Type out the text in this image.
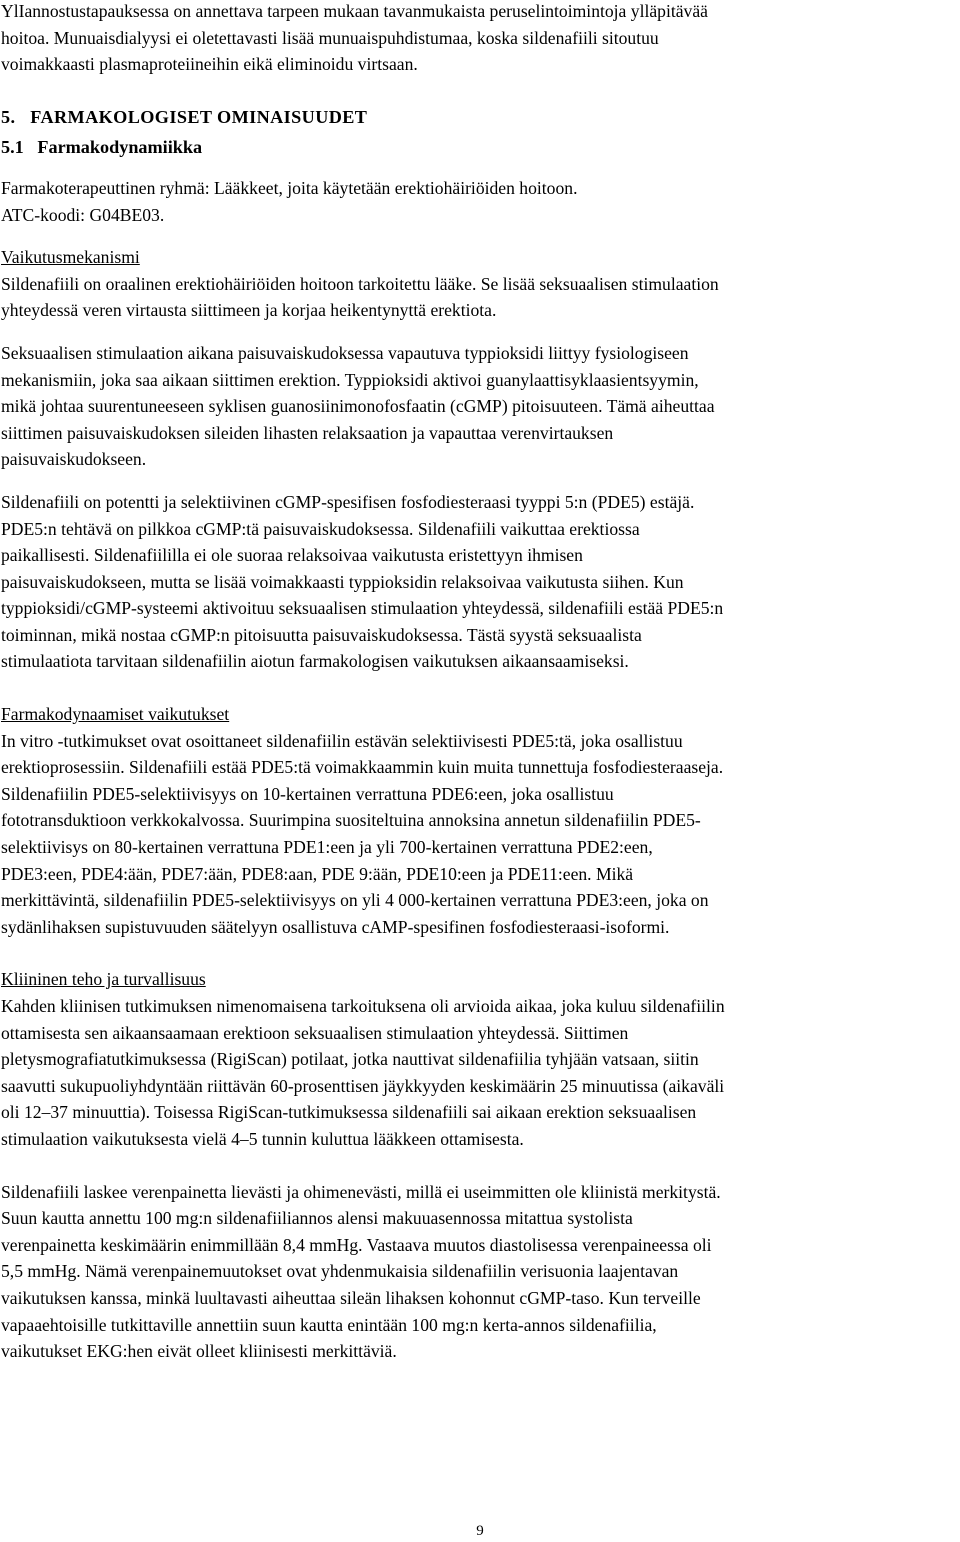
YlIannostustapauksessa on annettava tarpeen mukaan tavanmukaista peruselintoimintoja ylläpitävää

hoitoa. Munuaisdialyysi ei oletettavasti lisää munuaispuhdistumaa, koska sildenafiili sitoutuu

voimakkaasti plasmaproteiineihin eikä eliminoidu virtsaan.

5. FARMAKOLOGISET OMINAISUUDET

5.1 Farmakodynamiikka

Farmakoterapeuttinen ryhmä: Lääkkeet, joita käytetään erektiohäiriöiden hoitoon.

ATC-koodi: G04BE03.

Vaikutusmekanismi

Sildenafiili on oraalinen erektiohäiriöiden hoitoon tarkoitettu lääke. Se lisää seksuaalisen stimulaation

yhteydessä veren virtausta siittimeen ja korjaa heikentynyttä erektiota.

Seksuaalisen stimulaation aikana paisuvaiskudoksessa vapautuva typpioksidi liittyy fysiologiseen

mekanismiin, joka saa aikaan siittimen erektion. Typpioksidi aktivoi guanylaattisyklaasientsyymin,

mikä johtaa suurentuneeseen syklisen guanosiinimonofosfaatin (cGMP) pitoisuuteen. Tämä aiheuttaa

siittimen paisuvaiskudoksen sileiden lihasten relaksaation ja vapauttaa verenvirtauksen

paisuvaiskudokseen.

Sildenafiili on potentti ja selektiivinen cGMP-spesifisen fosfodiesteraasi tyyppi 5:n (PDE5) estäjä.

PDE5:n tehtävä on pilkkoa cGMP:tä paisuvaiskudoksessa. Sildenafiili vaikuttaa erektiossa

paikallisesti. Sildenafiililla ei ole suoraa relaksoivaa vaikutusta eristettyyn ihmisen

paisuvaiskudokseen, mutta se lisää voimakkaasti typpioksidin relaksoivaa vaikutusta siihen. Kun

typpioksidi/cGMP-systeemi aktivoituu seksuaalisen stimulaation yhteydessä, sildenafiili estää PDE5:n

toiminnan, mikä nostaa cGMP:n pitoisuutta paisuvaiskudoksessa. Tästä syystä seksuaalista

stimulaatiota tarvitaan sildenafiilin aiotun farmakologisen vaikutuksen aikaansaamiseksi.

Farmakodynaamiset vaikutukset

In vitro -tutkimukset ovat osoittaneet sildenafiilin estävän selektiivisesti PDE5:tä, joka osallistuu

erektioprosessiin. Sildenafiili estää PDE5:tä voimakkaammin kuin muita tunnettuja fosfodiesteraaseja.

Sildenafiilin PDE5-selektiivisyys on 10-kertainen verrattuna PDE6:een, joka osallistuu

fototransduktioon verkkokalvossa. Suurimpina suositeltuina annoksina annetun sildenafiilin PDE5-

selektiivisys on 80-kertainen verrattuna PDE1:een ja yli 700-kertainen verrattuna PDE2:een,

PDE3:een, PDE4:ään, PDE7:ään, PDE8:aan, PDE 9:ään, PDE10:een ja PDE11:een. Mikä

merkittävintä, sildenafiilin PDE5-selektiivisyys on yli 4 000-kertainen verrattuna PDE3:een, joka on

sydänlihaksen supistuvuuden säätelyyn osallistuva cAMP-spesifinen fosfodiesteraasi-isoformi.

Kliininen teho ja turvallisuus

Kahden kliinisen tutkimuksen nimenomaisena tarkoituksena oli arvioida aikaa, joka kuluu sildenafiilin

ottamisesta sen aikaansaamaan erektioon seksuaalisen stimulaation yhteydessä. Siittimen

pletysmografiatutkimuksessa (RigiScan) potilaat, jotka nauttivat sildenafiilia tyhjään vatsaan, siitin

saavutti sukupuoliyhdyntään riittävän 60-prosenttisen jäykkyyden keskimäärin 25 minuutissa (aikaväli

oli 12–37 minuuttia). Toisessa RigiScan-tutkimuksessa sildenafiili sai aikaan erektion seksuaalisen

stimulaation vaikutuksesta vielä 4–5 tunnin kuluttua lääkkeen ottamisesta.

Sildenafiili laskee verenpainetta lievästi ja ohimenevästi, millä ei useimmitten ole kliinistä merkitystä.

Suun kautta annettu 100 mg:n sildenafiiliannos alensi makuuasennossa mitattua systolista

verenpainetta keskimäärin enimmillään 8,4 mmHg. Vastaava muutos diastolisessa verenpaineessa oli

5,5 mmHg. Nämä verenpainemuutokset ovat yhdenmukaisia sildenafiilin verisuonia laajentavan

vaikutuksen kanssa, minkä luultavasti aiheuttaa sileän lihaksen kohonnut cGMP-taso. Kun terveille

vapaaehtoisille tutkittaville annettiin suun kautta enintään 100 mg:n kerta-annos sildenafiilia,

vaikutukset EKG:hen eivät olleet kliinisesti merkittäviä.

9
